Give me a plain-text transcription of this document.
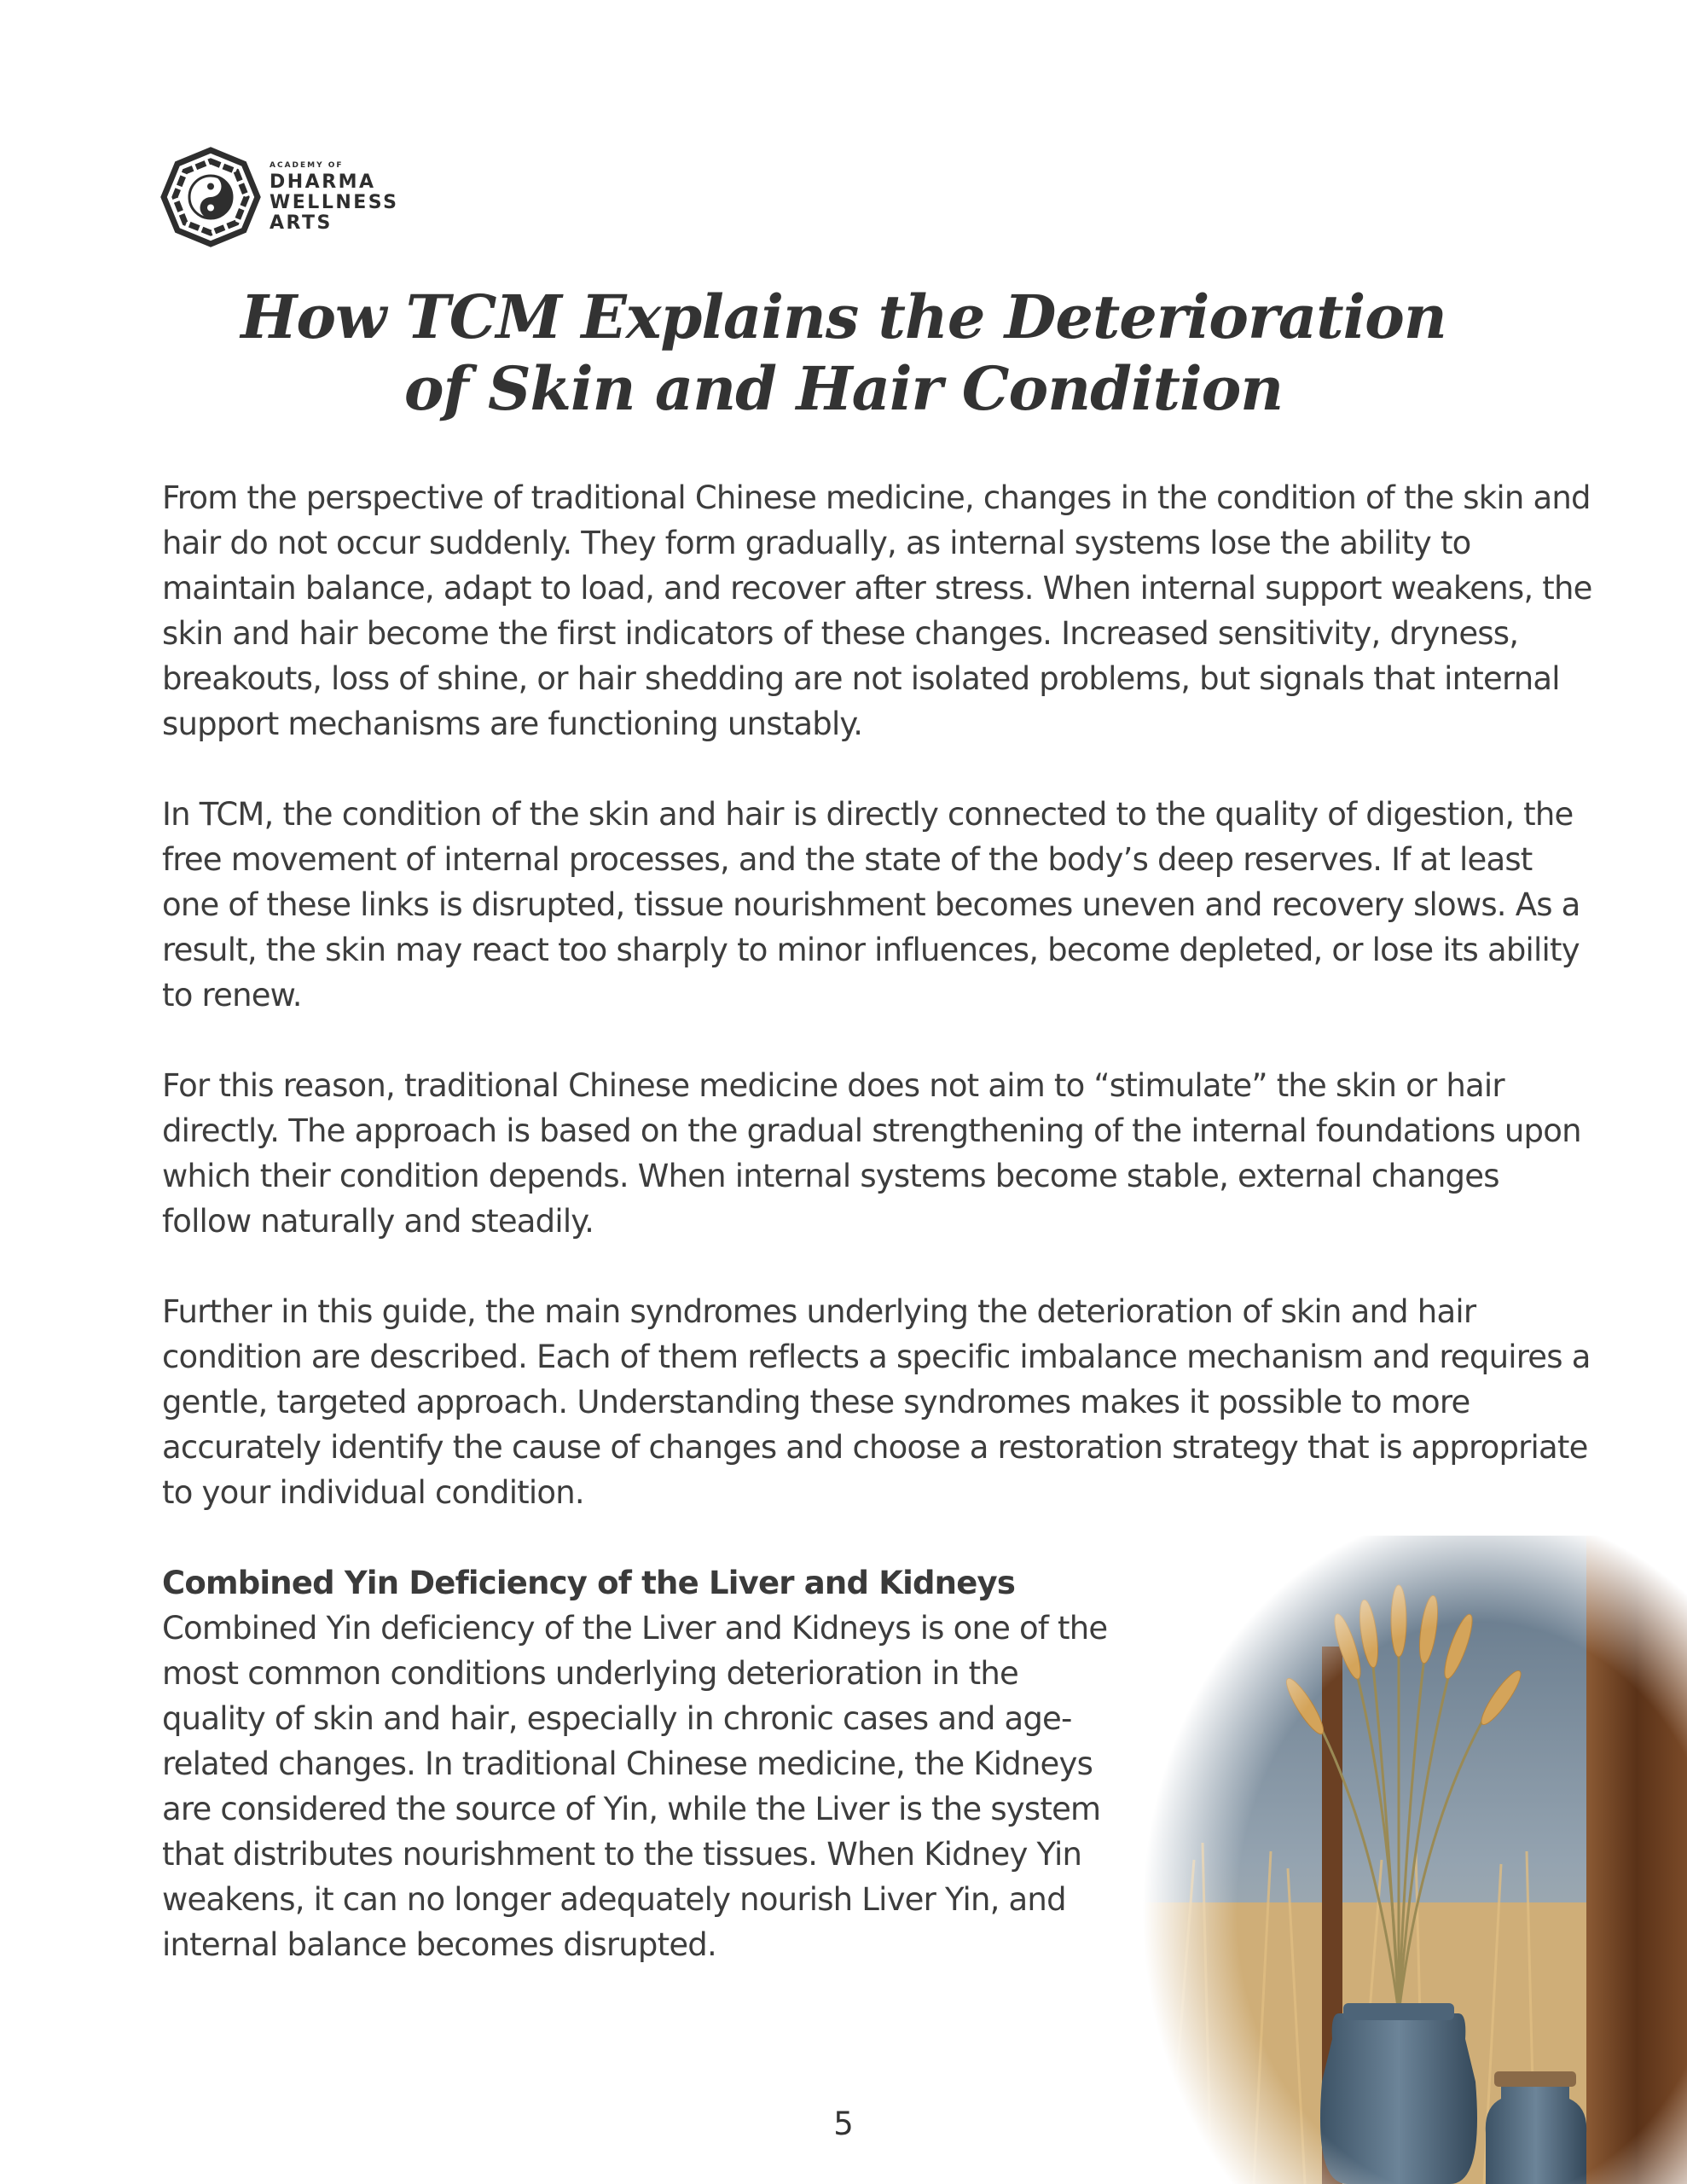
ACADEMY OF
DHARMA
WELLNESS
ARTS
How TCM Explains the Deterioration
of Skin and Hair Condition

From the perspective of traditional Chinese medicine, changes in the condition of the skin and hair do not occur suddenly. They form gradually, as internal systems lose the ability to maintain balance, adapt to load, and recover after stress. When internal support weakens, the skin and hair become the first indicators of these changes. Increased sensitivity, dryness, breakouts, loss of shine, or hair shedding are not isolated problems, but signals that internal support mechanisms are functioning unstably.

In TCM, the condition of the skin and hair is directly connected to the quality of digestion, the free movement of internal processes, and the state of the body’s deep reserves. If at least one of these links is disrupted, tissue nourishment becomes uneven and recovery slows. As a result, the skin may react too sharply to minor influences, become depleted, or lose its ability to renew.

For this reason, traditional Chinese medicine does not aim to “stimulate” the skin or hair directly. The approach is based on the gradual strengthening of the internal foundations upon which their condition depends. When internal systems become stable, external changes follow naturally and steadily.

Further in this guide, the main syndromes underlying the deterioration of skin and hair condition are described. Each of them reflects a specific imbalance mechanism and requires a gentle, targeted approach. Understanding these syndromes makes it possible to more accurately identify the cause of changes and choose a restoration strategy that is appropriate to your individual condition.

Combined Yin Deficiency of the Liver and Kidneys

Combined Yin deficiency of the Liver and Kidneys is one of the most common conditions underlying deterioration in the quality of skin and hair, especially in chronic cases and age-related changes. In traditional Chinese medicine, the Kidneys are considered the source of Yin, while the Liver is the system that distributes nourishment to the tissues. When Kidney Yin weakens, it can no longer adequately nourish Liver Yin, and internal balance becomes disrupted.

5
